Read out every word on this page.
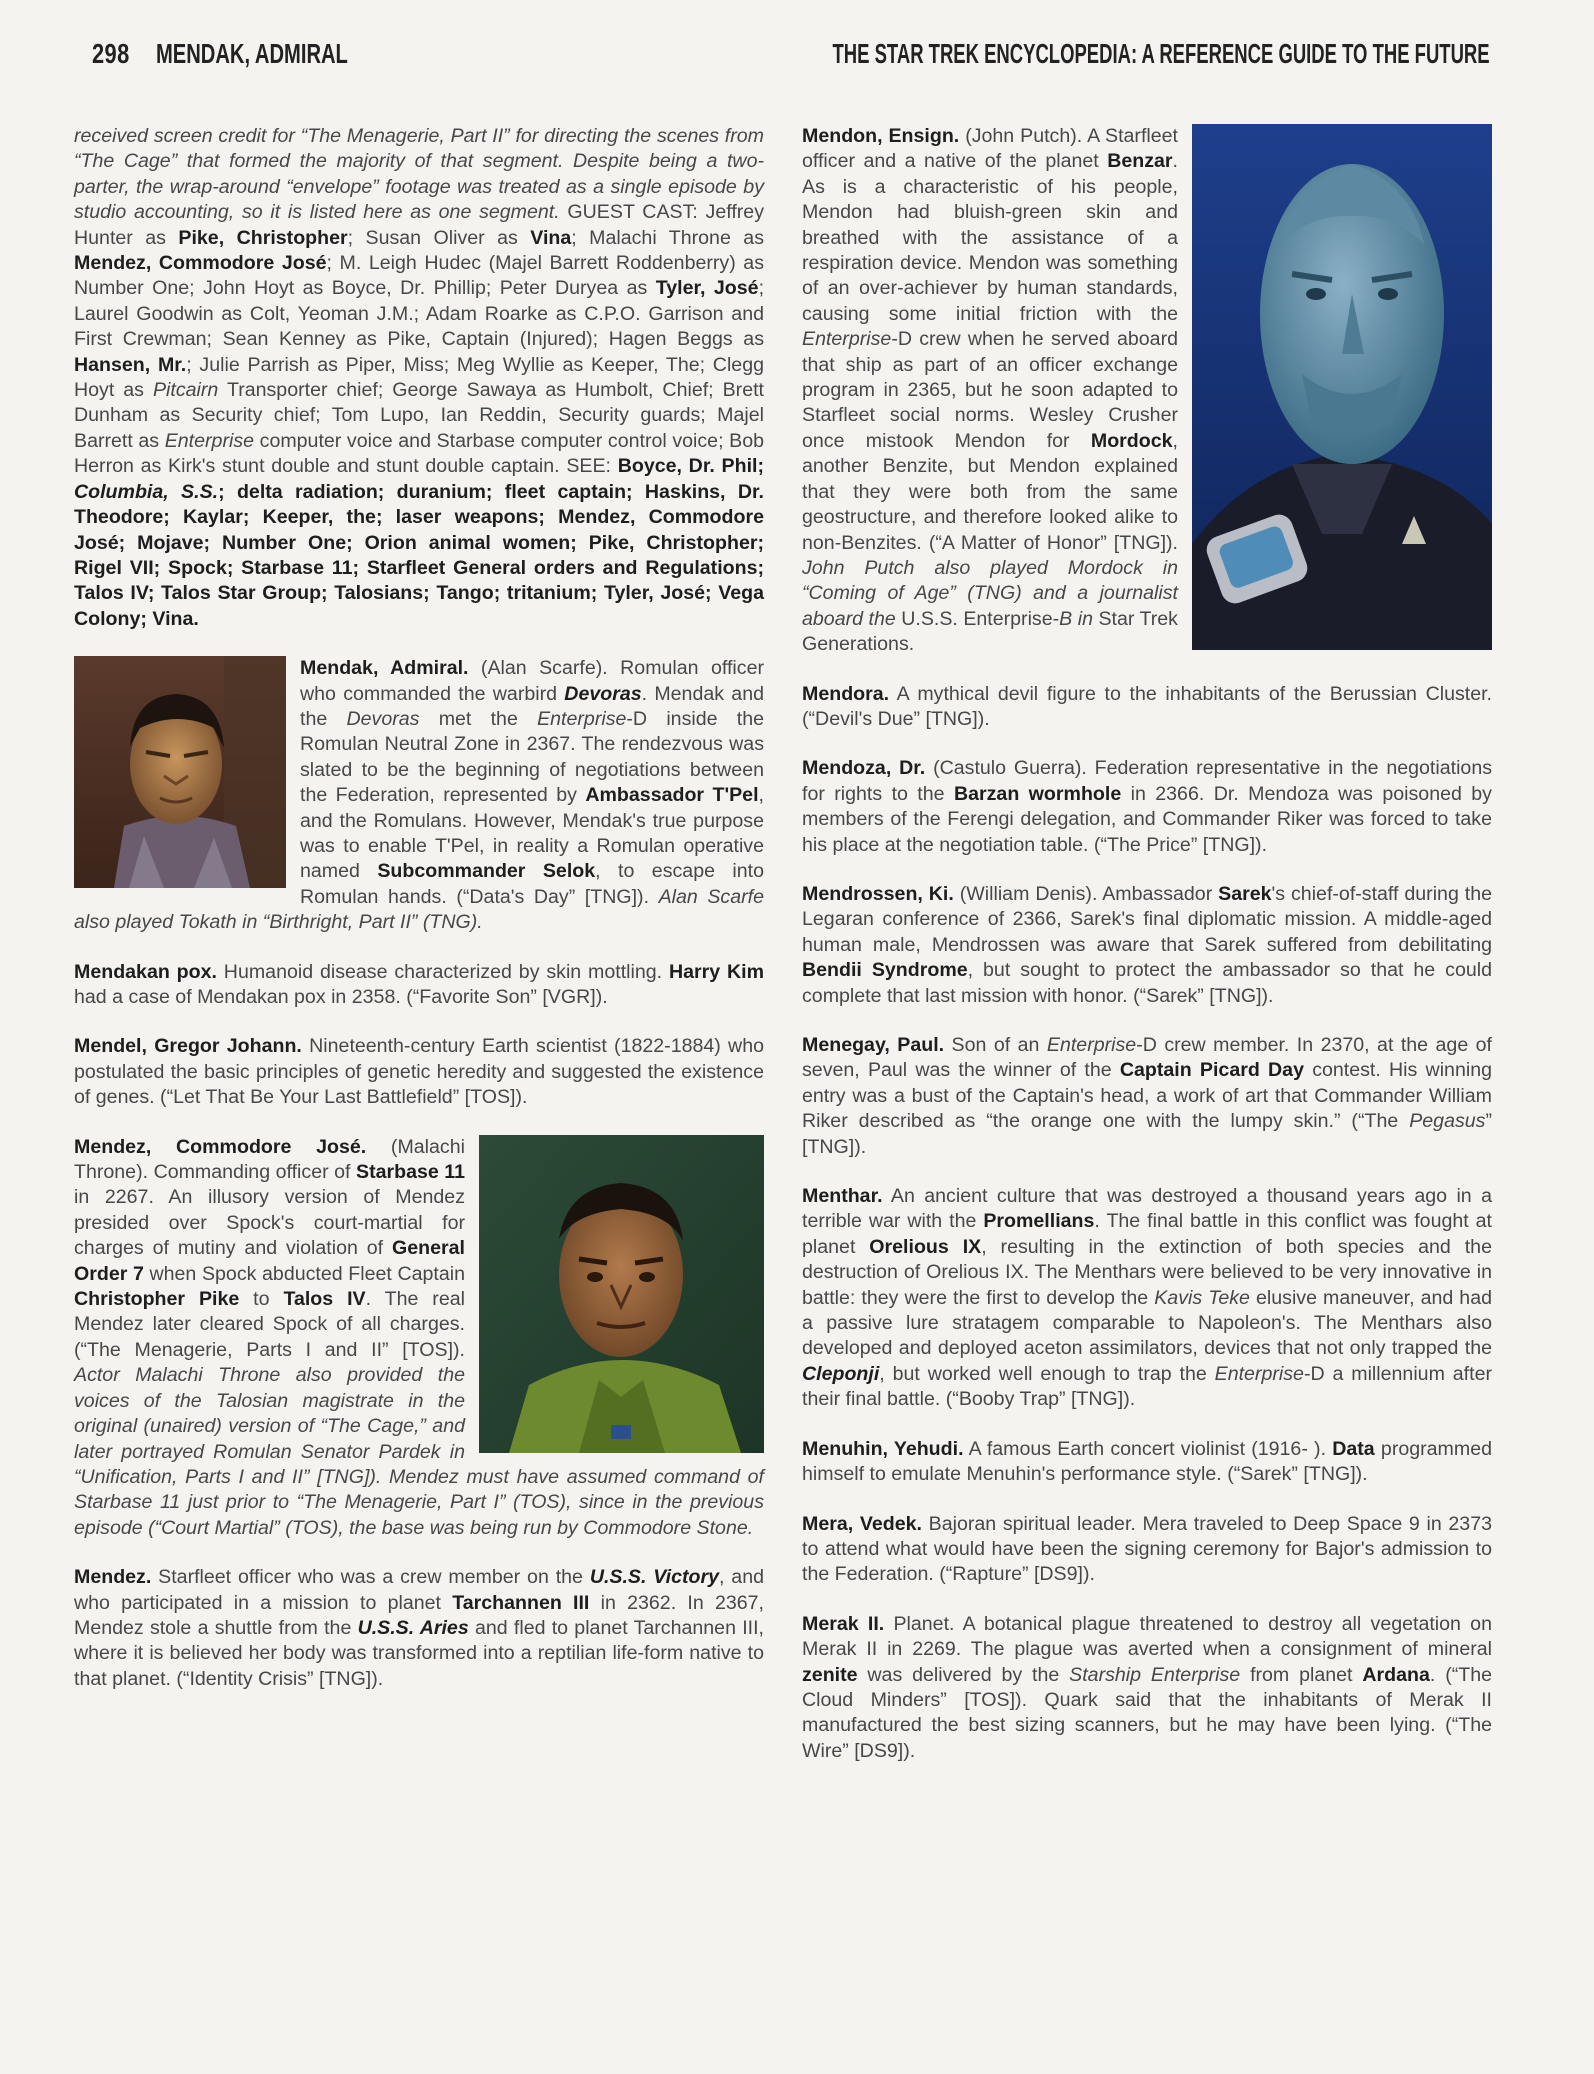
298 MENDAK, ADMIRAL	THE STAR TREK ENCYCLOPEDIA: A REFERENCE GUIDE TO THE FUTURE

received screen credit for “The Menagerie, Part II” for directing the scenes from “The Cage” that formed the majority of that segment. Despite being a two-parter, the wrap-around “envelope” footage was treated as a single episode by studio accounting, so it is listed here as one segment. GUEST CAST: Jeffrey Hunter as Pike, Christopher; Susan Oliver as Vina; Malachi Throne as Mendez, Commodore José; M. Leigh Hudec (Majel Barrett Roddenberry) as Number One; John Hoyt as Boyce, Dr. Phillip; Peter Duryea as Tyler, José; Laurel Goodwin as Colt, Yeoman J.M.; Adam Roarke as C.P.O. Garrison and First Crewman; Sean Kenney as Pike, Captain (Injured); Hagen Beggs as Hansen, Mr.; Julie Parrish as Piper, Miss; Meg Wyllie as Keeper, The; Clegg Hoyt as Pitcairn Transporter chief; George Sawaya as Humbolt, Chief; Brett Dunham as Security chief; Tom Lupo, Ian Reddin, Security guards; Majel Barrett as Enterprise computer voice and Starbase computer control voice; Bob Herron as Kirk's stunt double and stunt double captain. SEE: Boyce, Dr. Phil; Columbia, S.S.; delta radiation; duranium; fleet captain; Haskins, Dr. Theodore; Kaylar; Keeper, the; laser weapons; Mendez, Commodore José; Mojave; Number One; Orion animal women; Pike, Christopher; Rigel VII; Spock; Starbase 11; Starfleet General orders and Regulations; Talos IV; Talos Star Group; Talosians; Tango; tritanium; Tyler, José; Vega Colony; Vina.

Mendak, Admiral. (Alan Scarfe). Romulan officer who commanded the warbird Devoras. Mendak and the Devoras met the Enterprise-D inside the Romulan Neutral Zone in 2367. The rendezvous was slated to be the beginning of negotiations between the Federation, represented by Ambassador T'Pel, and the Romulans. However, Mendak's true purpose was to enable T'Pel, in reality a Romulan operative named Subcommander Selok, to escape into Romulan hands. (“Data's Day” [TNG]). Alan Scarfe also played Tokath in “Birthright, Part II” (TNG).

Mendakan pox. Humanoid disease characterized by skin mottling. Harry Kim had a case of Mendakan pox in 2358. (“Favorite Son” [VGR]).

Mendel, Gregor Johann. Nineteenth-century Earth scientist (1822-1884) who postulated the basic principles of genetic heredity and suggested the existence of genes. (“Let That Be Your Last Battlefield” [TOS]).

Mendez, Commodore José. (Malachi Throne). Commanding officer of Starbase 11 in 2267. An illusory version of Mendez presided over Spock's court-martial for charges of mutiny and violation of General Order 7 when Spock abducted Fleet Captain Christopher Pike to Talos IV. The real Mendez later cleared Spock of all charges. (“The Menagerie, Parts I and II” [TOS]). Actor Malachi Throne also provided the voices of the Talosian magistrate in the original (unaired) version of “The Cage,” and later portrayed Romulan Senator Pardek in “Unification, Parts I and II” [TNG]). Mendez must have assumed command of Starbase 11 just prior to “The Menagerie, Part I” (TOS), since in the previous episode (“Court Martial” (TOS), the base was being run by Commodore Stone.

Mendez. Starfleet officer who was a crew member on the U.S.S. Victory, and who participated in a mission to planet Tarchannen III in 2362. In 2367, Mendez stole a shuttle from the U.S.S. Aries and fled to planet Tarchannen III, where it is believed her body was transformed into a reptilian life-form native to that planet. (“Identity Crisis” [TNG]).

Mendon, Ensign. (John Putch). A Starfleet officer and a native of the planet Benzar. As is a characteristic of his people, Mendon had bluish-green skin and breathed with the assistance of a respiration device. Mendon was something of an over-achiever by human standards, causing some initial friction with the Enterprise-D crew when he served aboard that ship as part of an officer exchange program in 2365, but he soon adapted to Starfleet social norms. Wesley Crusher once mistook Mendon for Mordock, another Benzite, but Mendon explained that they were both from the same geostructure, and therefore looked alike to non-Benzites. (“A Matter of Honor” [TNG]). John Putch also played Mordock in “Coming of Age” (TNG) and a journalist aboard the U.S.S. Enterprise-B in Star Trek Generations.

Mendora. A mythical devil figure to the inhabitants of the Berussian Cluster. (“Devil's Due” [TNG]).

Mendoza, Dr. (Castulo Guerra). Federation representative in the negotiations for rights to the Barzan wormhole in 2366. Dr. Mendoza was poisoned by members of the Ferengi delegation, and Commander Riker was forced to take his place at the negotiation table. (“The Price” [TNG]).

Mendrossen, Ki. (William Denis). Ambassador Sarek's chief-of-staff during the Legaran conference of 2366, Sarek's final diplomatic mission. A middle-aged human male, Mendrossen was aware that Sarek suffered from debilitating Bendii Syndrome, but sought to protect the ambassador so that he could complete that last mission with honor. (“Sarek” [TNG]).

Menegay, Paul. Son of an Enterprise-D crew member. In 2370, at the age of seven, Paul was the winner of the Captain Picard Day contest. His winning entry was a bust of the Captain's head, a work of art that Commander William Riker described as “the orange one with the lumpy skin.” (“The Pegasus” [TNG]).

Menthar. An ancient culture that was destroyed a thousand years ago in a terrible war with the Promellians. The final battle in this conflict was fought at planet Orelious IX, resulting in the extinction of both species and the destruction of Orelious IX. The Menthars were believed to be very innovative in battle: they were the first to develop the Kavis Teke elusive maneuver, and had a passive lure stratagem comparable to Napoleon's. The Menthars also developed and deployed aceton assimilators, devices that not only trapped the Cleponji, but worked well enough to trap the Enterprise-D a millennium after their final battle. (“Booby Trap” [TNG]).

Menuhin, Yehudi. A famous Earth concert violinist (1916- ). Data programmed himself to emulate Menuhin's performance style. (“Sarek” [TNG]).

Mera, Vedek. Bajoran spiritual leader. Mera traveled to Deep Space 9 in 2373 to attend what would have been the signing ceremony for Bajor's admission to the Federation. (“Rapture” [DS9]).

Merak II. Planet. A botanical plague threatened to destroy all vegetation on Merak II in 2269. The plague was averted when a consignment of mineral zenite was delivered by the Starship Enterprise from planet Ardana. (“The Cloud Minders” [TOS]). Quark said that the inhabitants of Merak II manufactured the best sizing scanners, but he may have been lying. (“The Wire” [DS9]).
